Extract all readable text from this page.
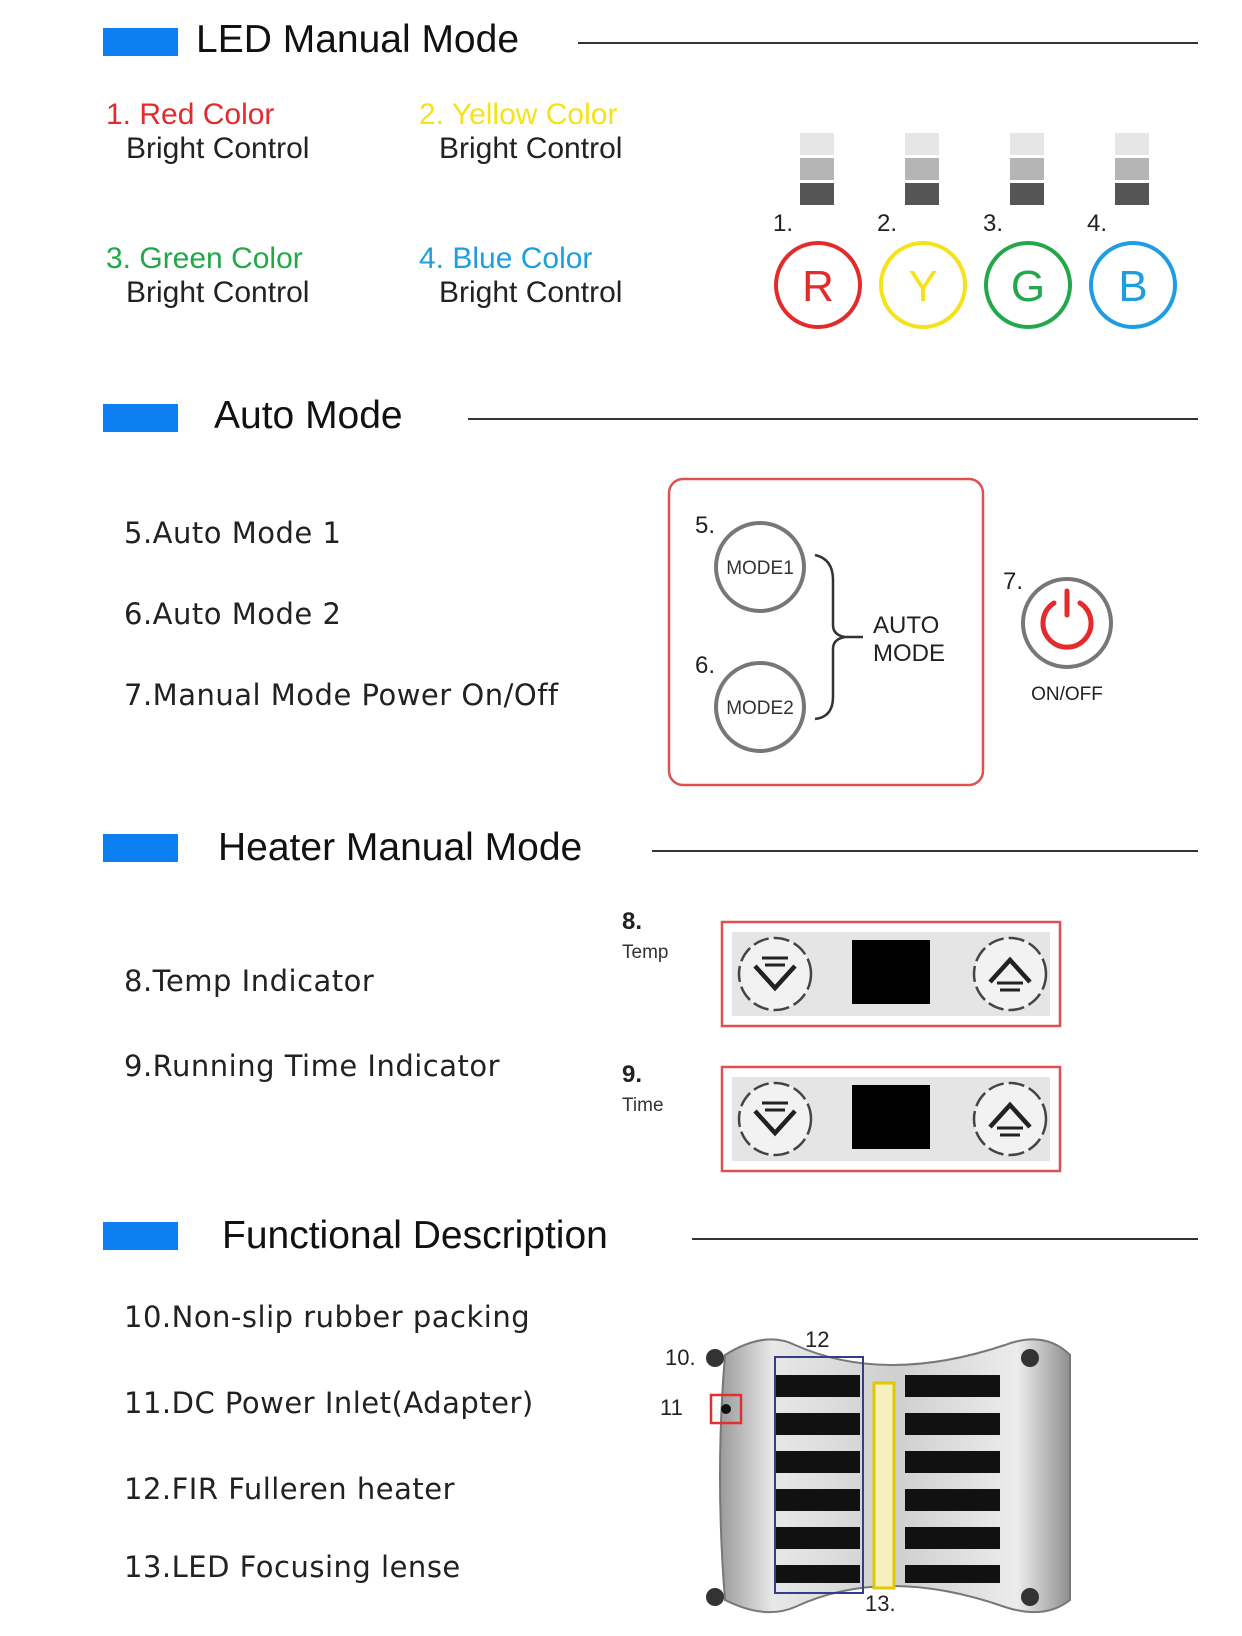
LED Manual Mode
1. Red Color
Bright Control
2. Yellow Color
Bright Control
3. Green Color
Bright Control
4. Blue Color
Bright Control
1.	2.	3.	4.
R Y G B
Auto Mode
5.Auto Mode 1
6.Auto Mode 2
7.Manual Mode Power On/Off
5.
MODE1
6.
MODE2
AUTO
MODE
7.
ON/OFF
Heater Manual Mode
8.Temp Indicator
9.Running Time Indicator
8.
Temp
9.
Time
Functional Description
10.Non-slip rubber packing
11.DC Power Inlet(Adapter)
12.FIR Fulleren heater
13.LED Focusing lense
10.
11
12
13.
